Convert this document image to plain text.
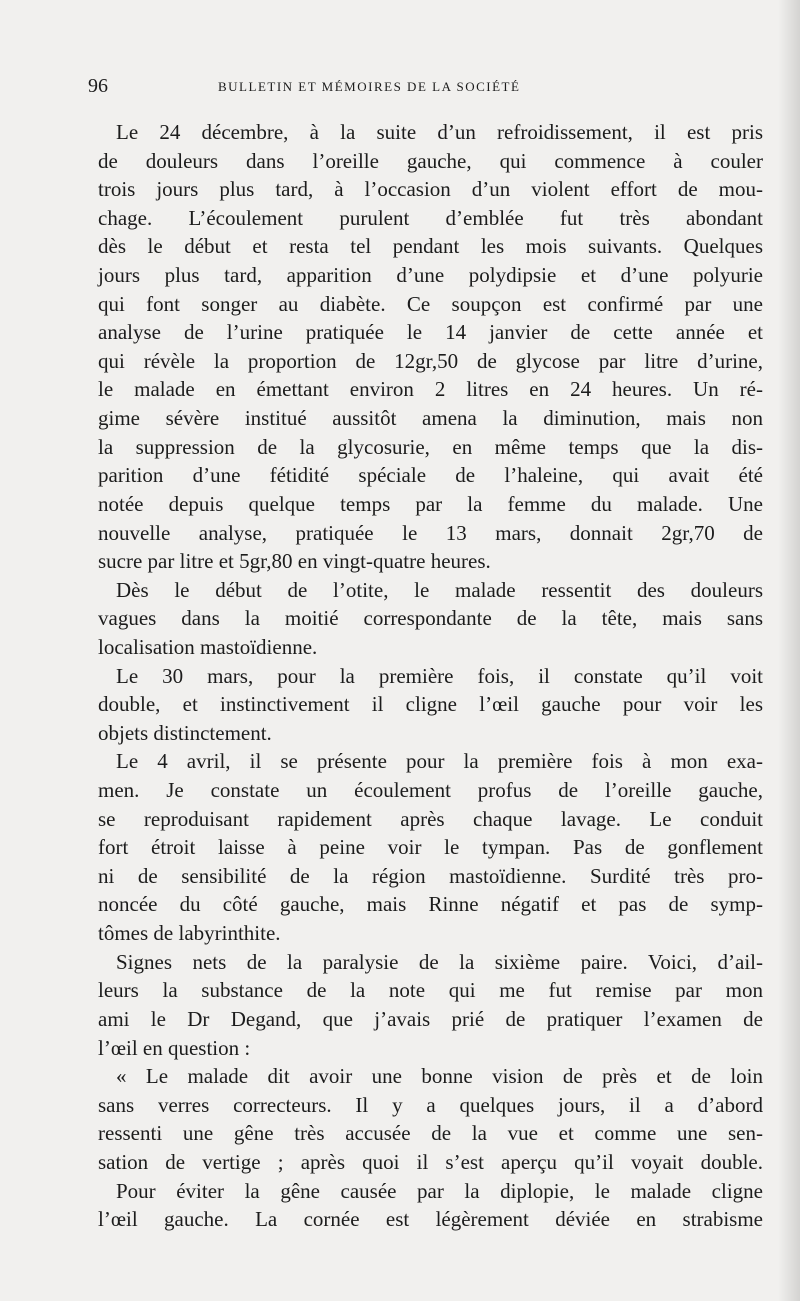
96	BULLETIN ET MÉMOIRES DE LA SOCIÉTÉ
Le 24 décembre, à la suite d’un refroidissement, il est pris
de douleurs dans l’oreille gauche, qui commence à couler
trois jours plus tard, à l’occasion d’un violent effort de mou-
chage. L’écoulement purulent d’emblée fut très abondant
dès le début et resta tel pendant les mois suivants. Quelques
jours plus tard, apparition d’une polydipsie et d’une polyurie
qui font songer au diabète. Ce soupçon est confirmé par une
analyse de l’urine pratiquée le 14 janvier de cette année et
qui révèle la proportion de 12gr,50 de glycose par litre d’urine,
le malade en émettant environ 2 litres en 24 heures. Un ré-
gime sévère institué aussitôt amena la diminution, mais non
la suppression de la glycosurie, en même temps que la dis-
parition d’une fétidité spéciale de l’haleine, qui avait été
notée depuis quelque temps par la femme du malade. Une
nouvelle analyse, pratiquée le 13 mars, donnait 2gr,70 de
sucre par litre et 5gr,80 en vingt-quatre heures.
Dès le début de l’otite, le malade ressentit des douleurs
vagues dans la moitié correspondante de la tête, mais sans
localisation mastoïdienne.
Le 30 mars, pour la première fois, il constate qu’il voit
double, et instinctivement il cligne l’œil gauche pour voir les
objets distinctement.
Le 4 avril, il se présente pour la première fois à mon exa-
men. Je constate un écoulement profus de l’oreille gauche,
se reproduisant rapidement après chaque lavage. Le conduit
fort étroit laisse à peine voir le tympan. Pas de gonflement
ni de sensibilité de la région mastoïdienne. Surdité très pro-
noncée du côté gauche, mais Rinne négatif et pas de symp-
tômes de labyrinthite.
Signes nets de la paralysie de la sixième paire. Voici, d’ail-
leurs la substance de la note qui me fut remise par mon
ami le Dr Degand, que j’avais prié de pratiquer l’examen de
l’œil en question :
« Le malade dit avoir une bonne vision de près et de loin
sans verres correcteurs. Il y a quelques jours, il a d’abord
ressenti une gêne très accusée de la vue et comme une sen-
sation de vertige ; après quoi il s’est aperçu qu’il voyait double.
Pour éviter la gêne causée par la diplopie, le malade cligne
l’œil gauche. La cornée est légèrement déviée en strabisme
